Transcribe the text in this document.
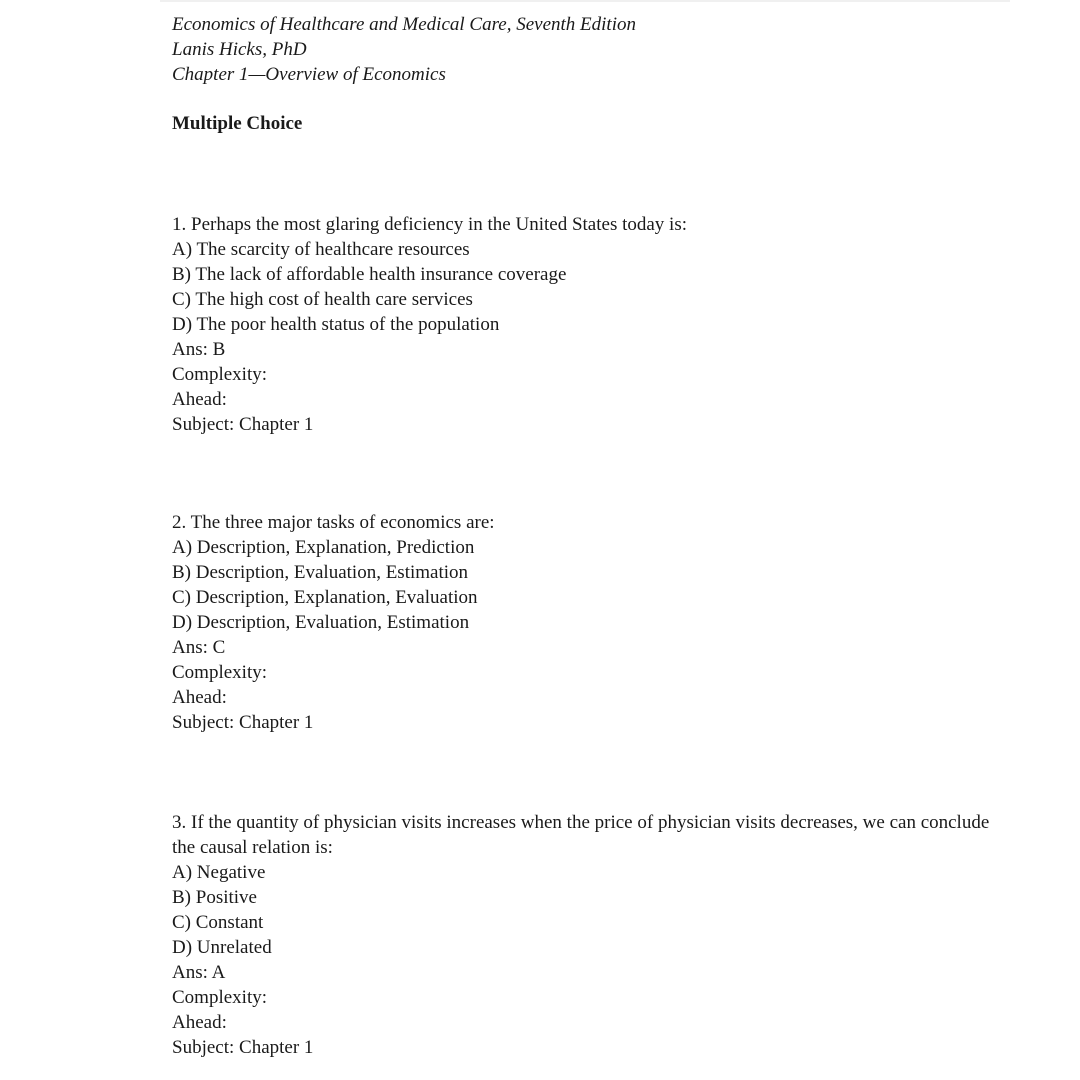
Economics of Healthcare and Medical Care, Seventh Edition

Lanis Hicks, PhD

Chapter 1—Overview of Economics

Multiple Choice

1. Perhaps the most glaring deficiency in the United States today is:

A) The scarcity of healthcare resources

B) The lack of affordable health insurance coverage

C) The high cost of health care services

D) The poor health status of the population

Ans: B

Complexity:

Ahead:

Subject: Chapter 1

2. The three major tasks of economics are:

A) Description, Explanation, Prediction

B) Description, Evaluation, Estimation

C) Description, Explanation, Evaluation

D) Description, Evaluation, Estimation

Ans: C

Complexity:

Ahead:

Subject: Chapter 1

3. If the quantity of physician visits increases when the price of physician visits decreases, we can conclude the causal relation is:

A) Negative

B) Positive

C) Constant

D) Unrelated

Ans: A

Complexity:

Ahead:

Subject: Chapter 1
